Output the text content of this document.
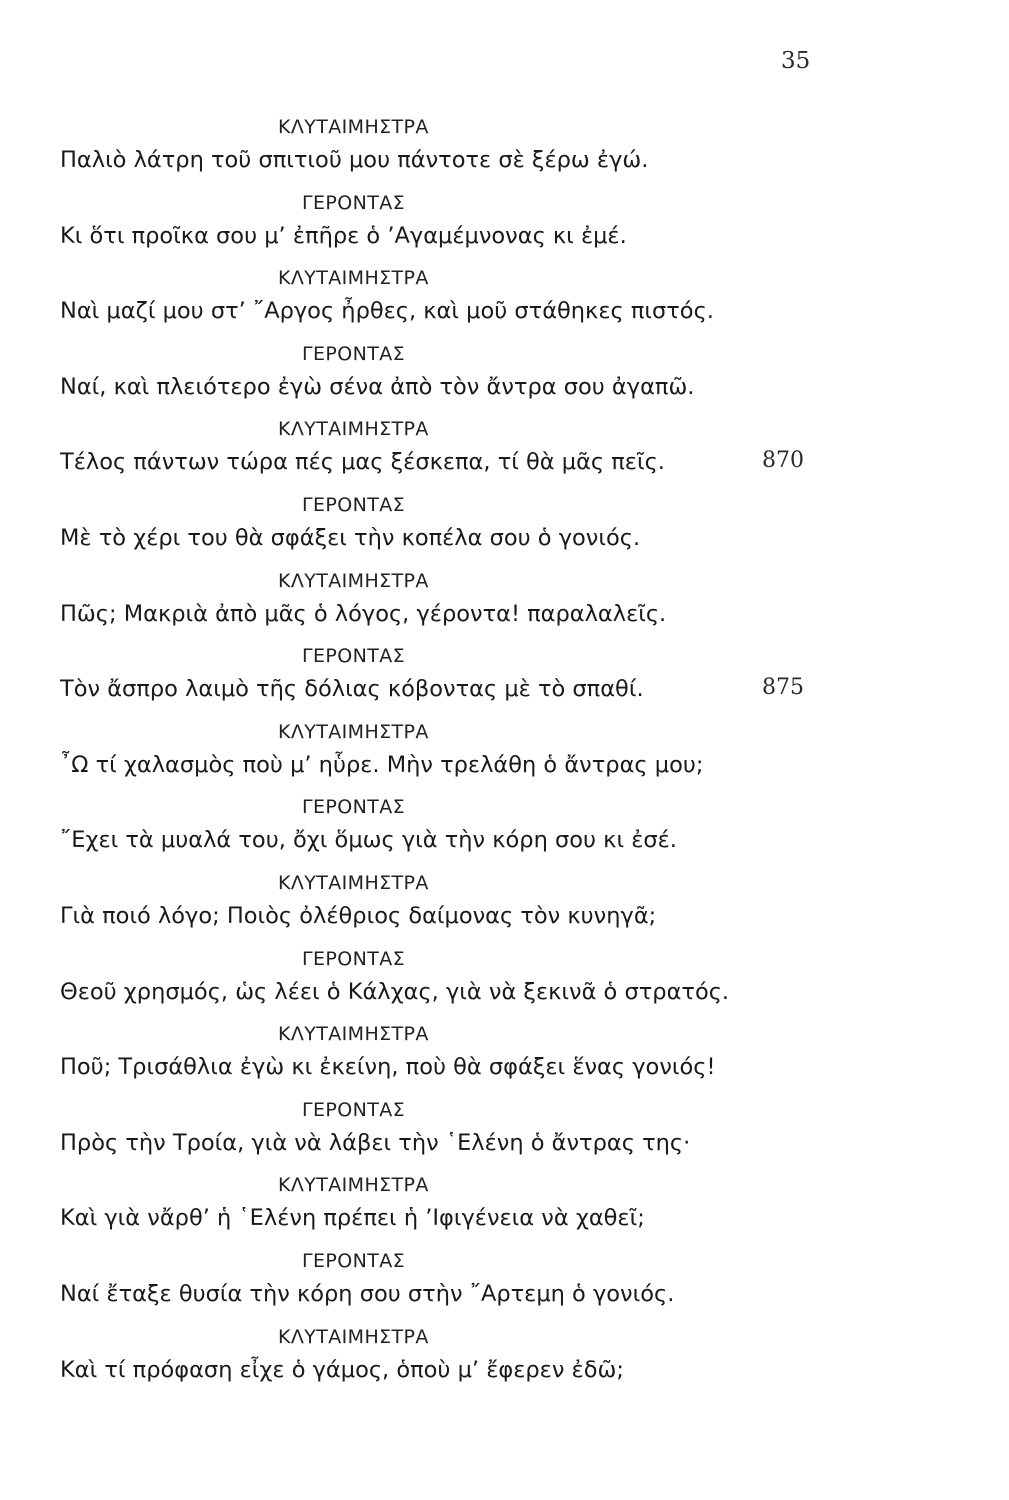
35
ΚΛΥΤΑΙΜΗΣΤΡΑ
Παλιὸ λάτρη τοῦ σπιτιοῦ μου πάντοτε σὲ ξέρω ἐγώ.
ΓΕΡΟΝΤΑΣ
Κι ὅτι προῖκα σου μ’ ἐπῆρε ὁ ’Αγαμέμνονας κι ἐμέ.
ΚΛΥΤΑΙΜΗΣΤΡΑ
Ναὶ μαζί μου στ’ ῎Αργος ἦρθες, καὶ μοῦ στάθηκες πιστός.
ΓΕΡΟΝΤΑΣ
Ναί, καὶ πλειότερο ἐγὼ σένα ἀπὸ τὸν ἄντρα σου ἀγαπῶ.
ΚΛΥΤΑΙΜΗΣΤΡΑ
Τέλος πάντων τώρα πές μας ξέσκεπα, τί θὰ μᾶς πεῖς.
ΓΕΡΟΝΤΑΣ
Μὲ τὸ χέρι του θὰ σφάξει τὴν κοπέλα σου ὁ γονιός.
ΚΛΥΤΑΙΜΗΣΤΡΑ
Πῶς; Μακριὰ ἀπὸ μᾶς ὁ λόγος, γέροντα! παραλαλεῖς.
ΓΕΡΟΝΤΑΣ
Τὸν ἄσπρο λαιμὸ τῆς δόλιας κόβοντας μὲ τὸ σπαθί.
ΚΛΥΤΑΙΜΗΣΤΡΑ
῏Ω τί χαλασμὸς ποὺ μ’ ηὗρε. Μὴν τρελάθη ὁ ἄντρας μου;
ΓΕΡΟΝΤΑΣ
῎Εχει τὰ μυαλά του, ὄχι ὅμως γιὰ τὴν κόρη σου κι ἐσέ.
ΚΛΥΤΑΙΜΗΣΤΡΑ
Γιὰ ποιό λόγο; Ποιὸς ὀλέθριος δαίμονας τὸν κυνηγᾶ;
ΓΕΡΟΝΤΑΣ
Θεοῦ χρησμός, ὡς λέει ὁ Κάλχας, γιὰ νὰ ξεκινᾶ ὁ στρατός.
ΚΛΥΤΑΙΜΗΣΤΡΑ
Ποῦ; Τρισάθλια ἐγὼ κι ἐκείνη, ποὺ θὰ σφάξει ἕνας γονιός!
ΓΕΡΟΝΤΑΣ
Πρὸς τὴν Τροία, γιὰ νὰ λάβει τὴν ῾Ελένη ὁ ἄντρας της·
ΚΛΥΤΑΙΜΗΣΤΡΑ
Καὶ γιὰ νἄρθ’ ἡ ῾Ελένη πρέπει ἡ ’Ιφιγένεια νὰ χαθεῖ;
ΓΕΡΟΝΤΑΣ
Ναί ἔταξε θυσία τὴν κόρη σου στὴν ῎Αρτεμη ὁ γονιός.
ΚΛΥΤΑΙΜΗΣΤΡΑ
Καὶ τί πρόφαση εἶχε ὁ γάμος, ὁποὺ μ’ ἔφερεν ἐδῶ;
870
875
